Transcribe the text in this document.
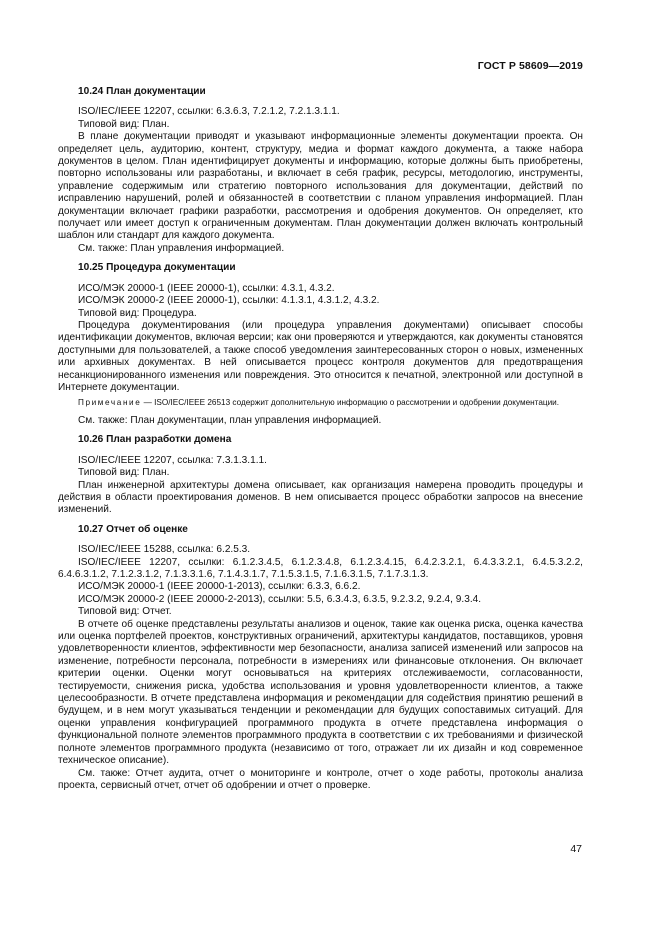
ГОСТ Р 58609—2019

10.24 План документации

ISO/IEC/IEEE 12207, ссылки: 6.3.6.3, 7.2.1.2, 7.2.1.3.1.1.

Типовой вид: План.

В плане документации приводят и указывают информационные элементы документации проекта. Он определяет цель, аудиторию, контент, структуру, медиа и формат каждого документа, а также набора документов в целом. План идентифицирует документы и информацию, которые должны быть приобретены, повторно использованы или разработаны, и включает в себя график, ресурсы, методологию, инструменты, управление содержимым или стратегию повторного использования для документации, действий по исправлению нарушений, ролей и обязанностей в соответствии с планом управления информацией. План документации включает графики разработки, рассмотрения и одобрения документов. Он определяет, кто получает или имеет доступ к ограниченным документам. План документации должен включать контрольный шаблон или стандарт для каждого документа.

См. также: План управления информацией.

10.25 Процедура документации

ИСО/МЭК 20000-1 (IEEE 20000-1), ссылки: 4.3.1, 4.3.2.

ИСО/МЭК 20000-2 (IEEE 20000-1), ссылки: 4.1.3.1, 4.3.1.2, 4.3.2.

Типовой вид: Процедура.

Процедура документирования (или процедура управления документами) описывает способы идентификации документов, включая версии; как они проверяются и утверждаются, как документы становятся доступными для пользователей, а также способ уведомления заинтересованных сторон о новых, измененных или архивных документах. В ней описывается процесс контроля документов для предотвращения несанкционированного изменения или повреждения. Это относится к печатной, электронной или доступной в Интернете документации.

Примечание — ISO/IEC/IEEE 26513 содержит дополнительную информацию о рассмотрении и одобрении документации.

См. также: План документации, план управления информацией.

10.26 План разработки домена

ISO/IEC/IEEE 12207, ссылка: 7.3.1.3.1.1.

Типовой вид: План.

План инженерной архитектуры домена описывает, как организация намерена проводить процедуры и действия в области проектирования доменов. В нем описывается процесс обработки запросов на внесение изменений.

10.27 Отчет об оценке

ISO/IEC/IEEE 15288, ссылка: 6.2.5.3.

ISO/IEC/IEEE 12207, ссылки: 6.1.2.3.4.5, 6.1.2.3.4.8, 6.1.2.3.4.15, 6.4.2.3.2.1, 6.4.3.3.2.1, 6.4.5.3.2.2, 6.4.6.3.1.2, 7.1.2.3.1.2, 7.1.3.3.1.6, 7.1.4.3.1.7, 7.1.5.3.1.5, 7.1.6.3.1.5, 7.1.7.3.1.3.

ИСО/МЭК 20000-1 (IEEE 20000-1-2013), ссылки: 6.3.3, 6.6.2.

ИСО/МЭК 20000-2 (IEEE 20000-2-2013), ссылки: 5.5, 6.3.4.3, 6.3.5, 9.2.3.2, 9.2.4, 9.3.4.

Типовой вид: Отчет.

В отчете об оценке представлены результаты анализов и оценок, такие как оценка риска, оценка качества или оценка портфелей проектов, конструктивных ограничений, архитектуры кандидатов, поставщиков, уровня удовлетворенности клиентов, эффективности мер безопасности, анализа записей изменений или запросов на изменение, потребности персонала, потребности в измерениях или финансовые отклонения. Он включает критерии оценки. Оценки могут основываться на критериях отслеживаемости, согласованности, тестируемости, снижения риска, удобства использования и уровня удовлетворенности клиентов, а также целесообразности. В отчете представлена информация и рекомендации для содействия принятию решений в будущем, и в нем могут указываться тенденции и рекомендации для будущих сопоставимых ситуаций. Для оценки управления конфигурацией программного продукта в отчете представлена информация о функциональной полноте элементов программного продукта в соответствии с их требованиями и физической полноте элементов программного продукта (независимо от того, отражает ли их дизайн и код современное техническое описание).

См. также: Отчет аудита, отчет о мониторинге и контроле, отчет о ходе работы, протоколы анализа проекта, сервисный отчет, отчет об одобрении и отчет о проверке.

47
